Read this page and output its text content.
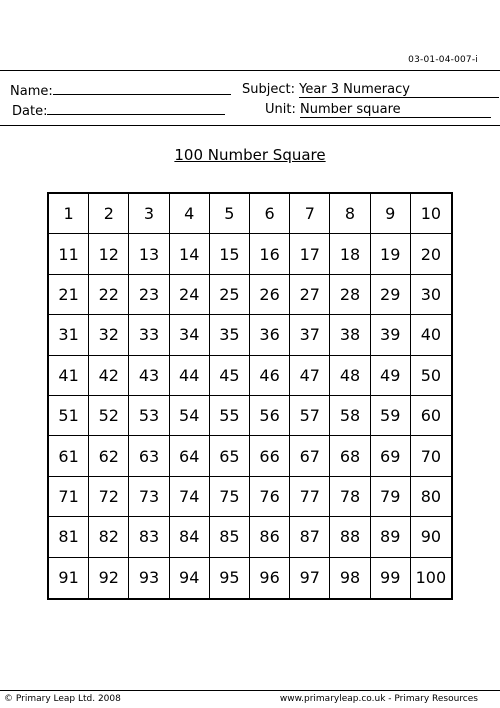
03-01-04-007-i
Name:	Subject: Year 3 Numeracy
Date:	Unit: Number square
100 Number Square
1	2	3	4	5	6	7	8	9	10
11	12	13	14	15	16	17	18	19	20
21	22	23	24	25	26	27	28	29	30
31	32	33	34	35	36	37	38	39	40
41	42	43	44	45	46	47	48	49	50
51	52	53	54	55	56	57	58	59	60
61	62	63	64	65	66	67	68	69	70
71	72	73	74	75	76	77	78	79	80
81	82	83	84	85	86	87	88	89	90
91	92	93	94	95	96	97	98	99 100
© Primary Leap Ltd. 2008	www.primaryleap.co.uk - Primary Resources
